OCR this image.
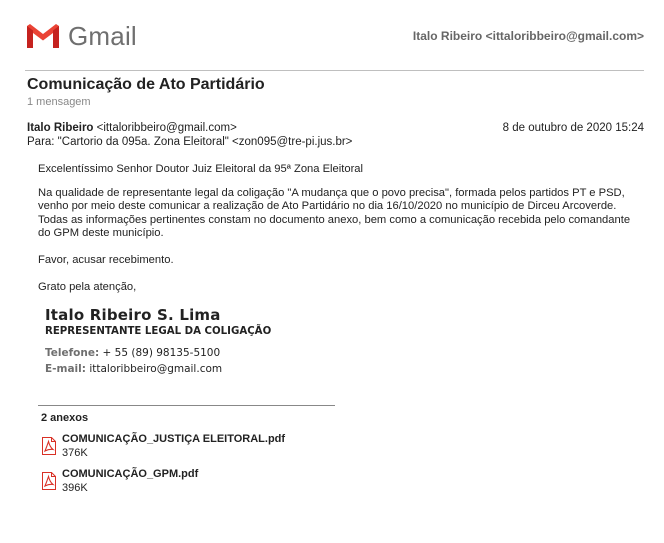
Gmail	Italo Ribeiro <ittaloribbeiro@gmail.com>
Comunicação de Ato Partidário
1 mensagem
Italo Ribeiro <ittaloribbeiro@gmail.com>	8 de outubro de 2020 15:24
Para: "Cartorio da 095a. Zona Eleitoral" <zon095@tre-pi.jus.br>
Excelentíssimo Senhor Doutor Juiz Eleitoral da 95ª Zona Eleitoral
Na qualidade de representante legal da coligação "A mudança que o povo precisa", formada pelos partidos PT e PSD, venho por meio deste comunicar a realização de Ato Partidário no dia 16/10/2020 no município de Dirceu Arcoverde. Todas as informações pertinentes constam no documento anexo, bem como a comunicação recebida pelo comandante do GPM deste município.
Favor, acusar recebimento.
Grato pela atenção,
Italo Ribeiro S. Lima
REPRESENTANTE LEGAL DA COLIGAÇÃO
Telefone: + 55 (89) 98135-5100
E-mail: ittaloribbeiro@gmail.com
2 anexos
COMUNICAÇÃO_JUSTIÇA ELEITORAL.pdf
376K
COMUNICAÇÃO_GPM.pdf
396K
